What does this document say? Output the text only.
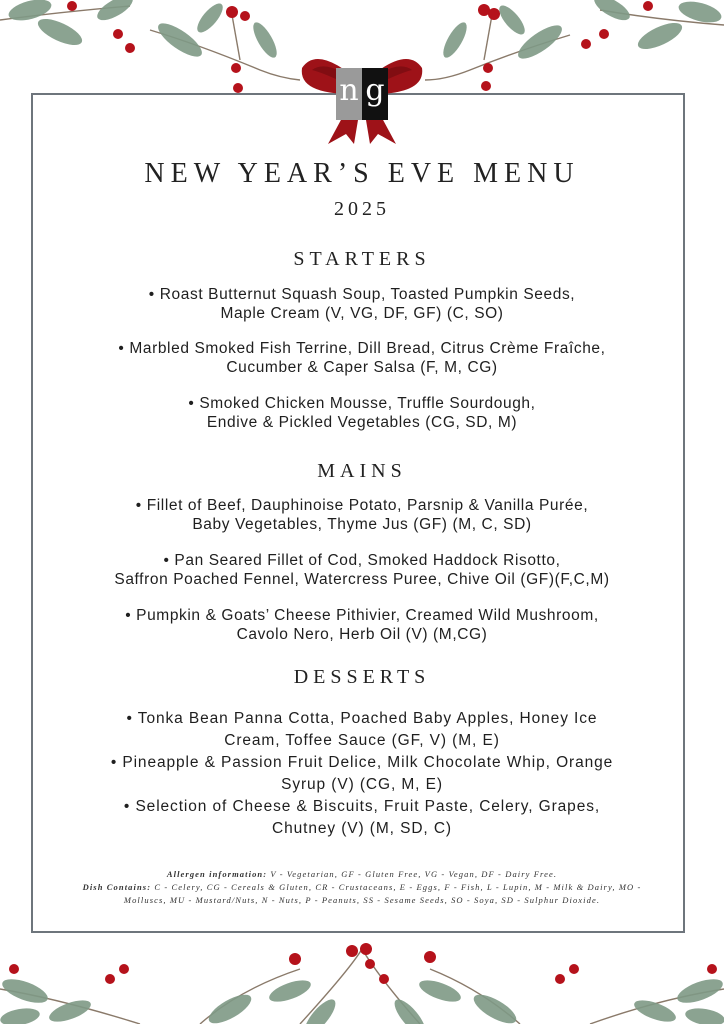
n g
NEW YEAR’S EVE MENU
2025
STARTERS
• Roast Butternut Squash Soup, Toasted Pumpkin Seeds,
Maple Cream (V, VG, DF, GF) (C, SO)
• Marbled Smoked Fish Terrine, Dill Bread, Citrus Crème Fraîche,
Cucumber & Caper Salsa (F, M, CG)
• Smoked Chicken Mousse, Truffle Sourdough,
Endive & Pickled Vegetables (CG, SD, M)
MAINS
• Fillet of Beef, Dauphinoise Potato, Parsnip & Vanilla Purée,
Baby Vegetables, Thyme Jus (GF) (M, C, SD)
• Pan Seared Fillet of Cod, Smoked Haddock Risotto,
Saffron Poached Fennel, Watercress Puree, Chive Oil (GF)(F,C,M)
• Pumpkin & Goats’ Cheese Pithivier, Creamed Wild Mushroom,
Cavolo Nero, Herb Oil (V) (M,CG)
DESSERTS
• Tonka Bean Panna Cotta, Poached Baby Apples, Honey Ice
Cream, Toffee Sauce (GF, V) (M, E)
• Pineapple & Passion Fruit Delice, Milk Chocolate Whip, Orange
Syrup (V) (CG, M, E)
• Selection of Cheese & Biscuits, Fruit Paste, Celery, Grapes,
Chutney (V) (M, SD, C)
Allergen information: V - Vegetarian, GF - Gluten Free, VG - Vegan, DF - Dairy Free.
Dish Contains: C - Celery, CG - Cereals & Gluten, CR - Crustaceans, E - Eggs, F - Fish, L - Lupin, M - Milk & Dairy, MO - Molluscs, MU - Mustard/Nuts, N - Nuts, P - Peanuts, SS - Sesame Seeds, SO - Soya, SD - Sulphur Dioxide.
